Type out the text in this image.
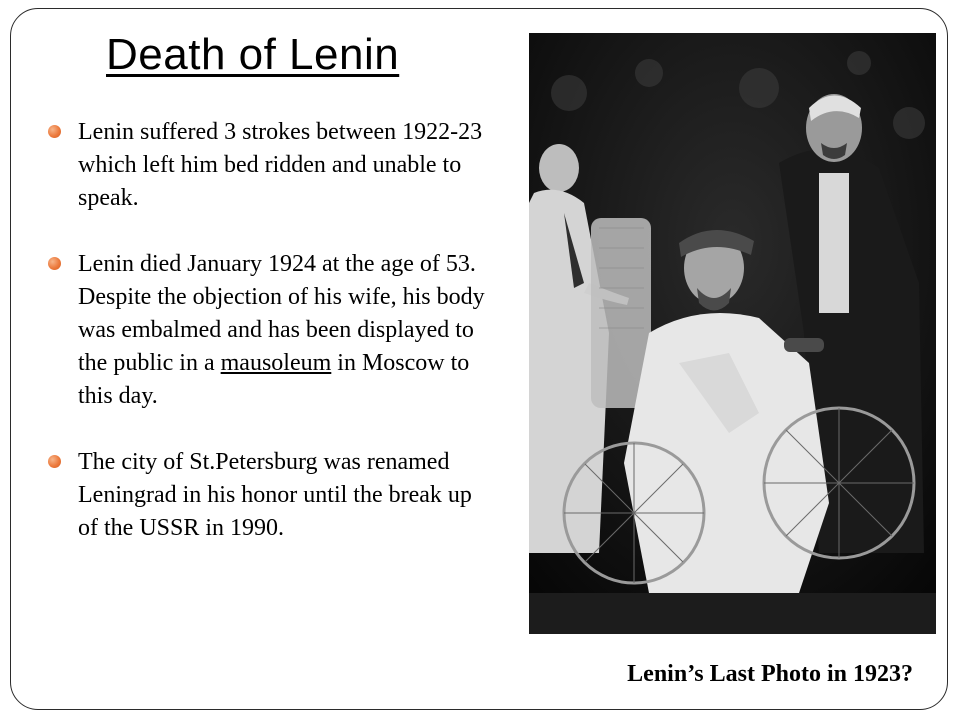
Death of Lenin
Lenin suffered 3 strokes between 1922-23 which left him bed ridden and unable to speak.
Lenin died January 1924 at the age of 53. Despite the objection of his wife, his body was embalmed and has been displayed to the public in a mausoleum in Moscow to this day.
The city of St.Petersburg was renamed Leningrad in his honor until the break up of the USSR in 1990.
Lenin’s Last Photo in 1923?
